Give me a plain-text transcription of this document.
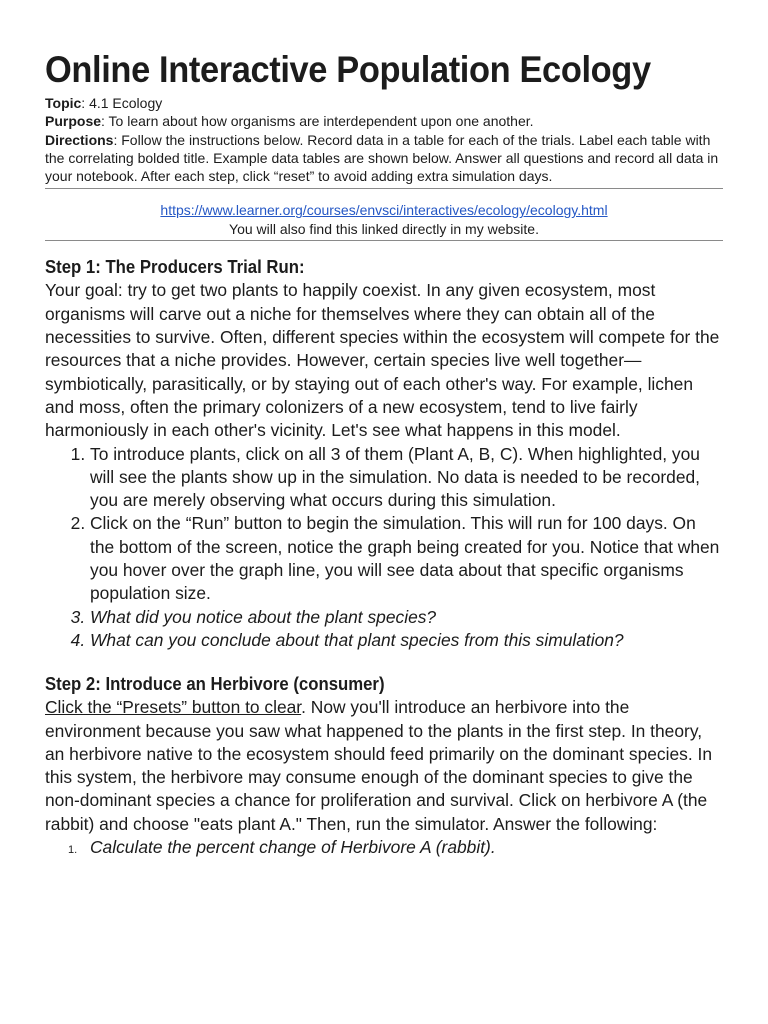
Online Interactive Population Ecology
Topic: 4.1 Ecology
Purpose: To learn about how organisms are interdependent upon one another.
Directions: Follow the instructions below. Record data in a table for each of the trials. Label each table with the correlating bolded title. Example data tables are shown below. Answer all questions and record all data in your notebook. After each step, click “reset” to avoid adding extra simulation days.
https://www.learner.org/courses/envsci/interactives/ecology/ecology.html
You will also find this linked directly in my website.
Step 1: The Producers Trial Run:
Your goal: try to get two plants to happily coexist. In any given ecosystem, most organisms will carve out a niche for themselves where they can obtain all of the necessities to survive. Often, different species within the ecosystem will compete for the resources that a niche provides. However, certain species live well together—symbiotically, parasitically, or by staying out of each other's way. For example, lichen and moss, often the primary colonizers of a new ecosystem, tend to live fairly harmoniously in each other's vicinity. Let's see what happens in this model.
1. To introduce plants, click on all 3 of them (Plant A, B, C). When highlighted, you will see the plants show up in the simulation. No data is needed to be recorded, you are merely observing what occurs during this simulation.
2. Click on the “Run” button to begin the simulation. This will run for 100 days. On the bottom of the screen, notice the graph being created for you. Notice that when you hover over the graph line, you will see data about that specific organisms population size.
3. What did you notice about the plant species?
4. What can you conclude about that plant species from this simulation?
Step 2: Introduce an Herbivore (consumer)
Click the “Presets” button to clear. Now you'll introduce an herbivore into the environment because you saw what happened to the plants in the first step. In theory, an herbivore native to the ecosystem should feed primarily on the dominant species. In this system, the herbivore may consume enough of the dominant species to give the non-dominant species a chance for proliferation and survival. Click on herbivore A (the rabbit) and choose "eats plant A." Then, run the simulator. Answer the following:
1. Calculate the percent change of Herbivore A (rabbit).
